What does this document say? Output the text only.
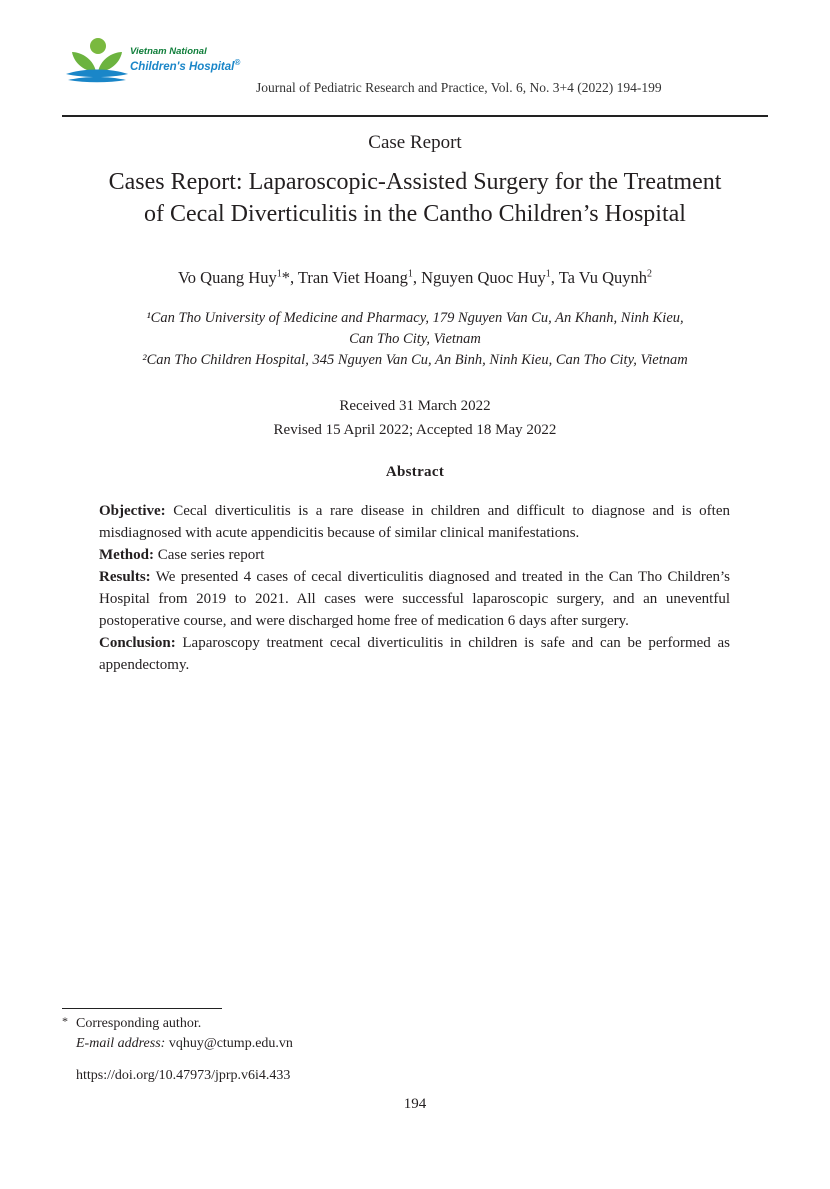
Vietnam National
Children's Hospital®
Journal of Pediatric Research and Practice, Vol. 6, No. 3+4 (2022) 194-199
Case Report
Cases Report: Laparoscopic-Assisted Surgery for the Treatment
of Cecal Diverticulitis in the Cantho Children’s Hospital
Vo Quang Huy$^1$*, Tran Viet Hoang$^1$, Nguyen Quoc Huy$^1$, Ta Vu Quynh$^2$
¹Can Tho University of Medicine and Pharmacy, 179 Nguyen Van Cu, An Khanh, Ninh Kieu,
Can Tho City, Vietnam
²Can Tho Children Hospital, 345 Nguyen Van Cu, An Binh, Ninh Kieu, Can Tho City, Vietnam
Received 31 March 2022
Revised 15 April 2022; Accepted 18 May 2022
Abstract

Objective: Cecal diverticulitis is a rare disease in children and difficult to diagnose and is often misdiagnosed with acute appendicitis because of similar clinical manifestations.

Method: Case series report

Results: We presented 4 cases of cecal diverticulitis diagnosed and treated in the Can Tho Children’s Hospital from 2019 to 2021. All cases were successful laparoscopic surgery, and an uneventful postoperative course, and were discharged home free of medication 6 days after surgery.

Conclusion: Laparoscopy treatment cecal diverticulitis in children is safe and can be performed as appendectomy.

* Corresponding author.
E-mail address: vqhuy@ctump.edu.vn
https://doi.org/10.47973/jprp.v6i4.433
194
